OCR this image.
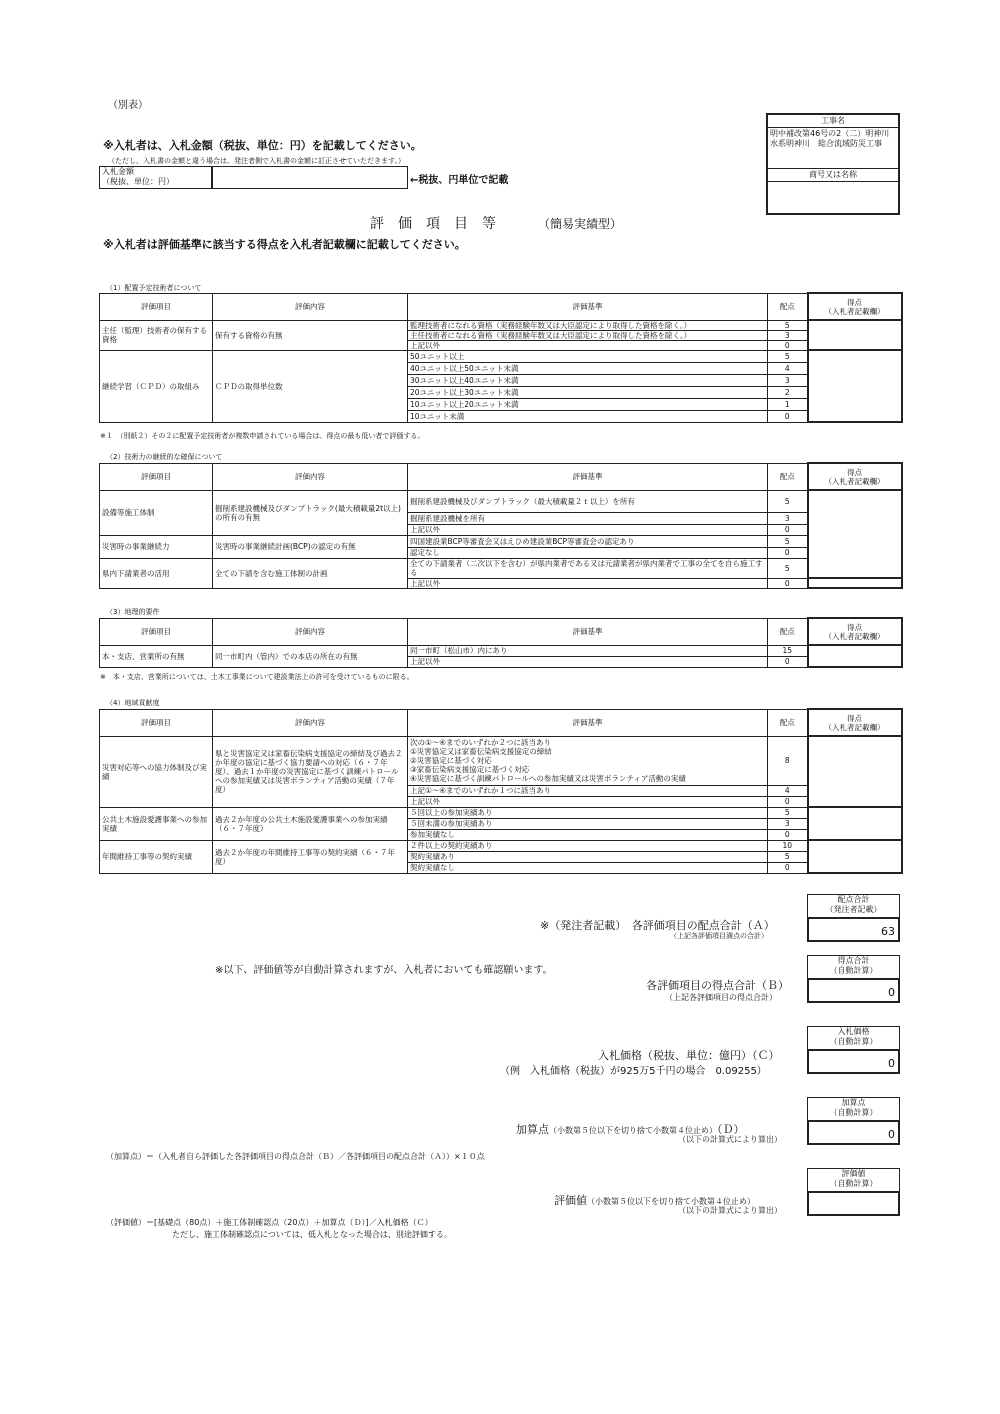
（別表）
※入札者は、入札金額（税抜、単位：円）を記載してください。
（ただし、入札書の金額と違う場合は、発注者側で入札書の金額に訂正させていただきます。）
入札金額
（税抜、単位：円）	←税抜、円単位で記載
工事名
明中補改第46号の2（二）明神川水系明神川　総合流域防災工事
商号又は名称
評　価　項　目　等	（簡易実績型）
※入札者は評価基準に該当する得点を入札者記載欄に記載してください。
（1）配置予定技術者について
評価項目	評価内容	評価基準	配点	得点
（入札者記載欄）

主任（監理）技術者の保有する資格	保有する資格の有無	監理技術者になれる資格（実務経験年数又は大臣認定により取得した資格を除く。）	5	
		主任技術者になれる資格（実務経験年数又は大臣認定により取得した資格を除く。）	3	
		上記以外	0	
継続学習（ＣＰＤ）の取組み	ＣＰＤの取得単位数	50ユニット以上	5	
		40ユニット以上50ユニット未満	4	
		30ユニット以上40ユニット未満	3	
		20ユニット以上30ユニット未満	2	
		10ユニット以上20ユニット未満	1	
		10ユニット未満	0	
※１　（別紙２）その２に配置予定技術者が複数申請されている場合は、得点の最も低い者で評価する。
（2）技術力の継続的な確保について
評価項目	評価内容	評価基準	配点	得点
（入札者記載欄）

設備等施工体制	掘削系建設機械及びダンプトラック(最大積載量2t以上)の所有の有無	掘削系建設機械及びダンプトラック（最大積載量２ｔ以上）を所有	5	
		掘削系建設機械を所有	3	
		上記以外	0	
災害時の事業継続力	災害時の事業継続計画(BCP)の認定の有無	四国建設業BCP等審査会又はえひめ建設業BCP等審査会の認定あり	5	
		認定なし	0	
県内下請業者の活用	全ての下請を含む施工体制の計画	全ての下請業者（二次以下を含む）が県内業者である又は元請業者が県内業者で工事の全てを自ら施工する	5	
		上記以外	0	
（3）地理的要件
評価項目	評価内容	評価基準	配点	得点
（入札者記載欄）

本・支店、営業所の有無	同一市町内（管内）での本店の所在の有無	同一市町（松山市）内にあり	15	
		上記以外	0	
※　本・支店、営業所については、土木工事業について建設業法上の許可を受けているものに限る。
（4）地域貢献度
評価項目	評価内容	評価基準	配点	得点
（入札者記載欄）

災害対応等への協力体制及び実績	県と災害協定又は家畜伝染病支援協定の締結及び過去２か年度の協定に基づく協力要請への対応（６・７年度）、過去１か年度の災害協定に基づく訓練パトロールへの参加実績又は災害ボランティア活動の実績（７年度）	次の①～④までのいずれか２つに該当あり
①災害協定又は家畜伝染病支援協定の締結
②災害協定に基づく対応
③家畜伝染病支援協定に基づく対応
④災害協定に基づく訓練パトロールへの参加実績又は災害ボランティア活動の実績	8	
		上記①～④までのいずれか１つに該当あり	4	
		上記以外	0	
公共土木施設愛護事業への参加実績	過去２か年度の公共土木施設愛護事業への参加実績（６・７年度）	５回以上の参加実績あり	5	
		５回未満の参加実績あり	3	
		参加実績なし	0	
年間維持工事等の契約実績	過去２か年度の年間維持工事等の契約実績（６・７年度）	２件以上の契約実績あり	10	
		契約実績あり	5	
		契約実績なし	0	
配点合計
（発注者記載）
63
※（発注者記載）　各評価項目の配点合計（Ａ）
（上記各評価項目満点の合計）
※以下、評価値等が自動計算されますが、入札者においても確認願います。
得点合計
（自動計算）
0
各評価項目の得点合計（Ｂ）
（上記各評価項目の得点合計）
入札価格
（自動計算）
0
入札価格（税抜、単位：億円）（Ｃ）
（例　入札価格（税抜）が925万5千円の場合　0.09255）
加算点
（自動計算）
0
加算点（小数第５位以下を切り捨て小数第４位止め）（Ｄ）
（以下の計算式により算出）
（加算点）＝（入札者自ら評価した各評価項目の得点合計（Ｂ）／各評価項目の配点合計（Ａ））×１０点
評価値
（自動計算）
評価値（小数第５位以下を切り捨て小数第４位止め）
（以下の計算式により算出）
（評価値）＝[基礎点（80点）＋施工体制確認点（20点）＋加算点（Ｄ）]／入札価格（Ｃ）
ただし、施工体制確認点については、低入札となった場合は、別途評価する。
